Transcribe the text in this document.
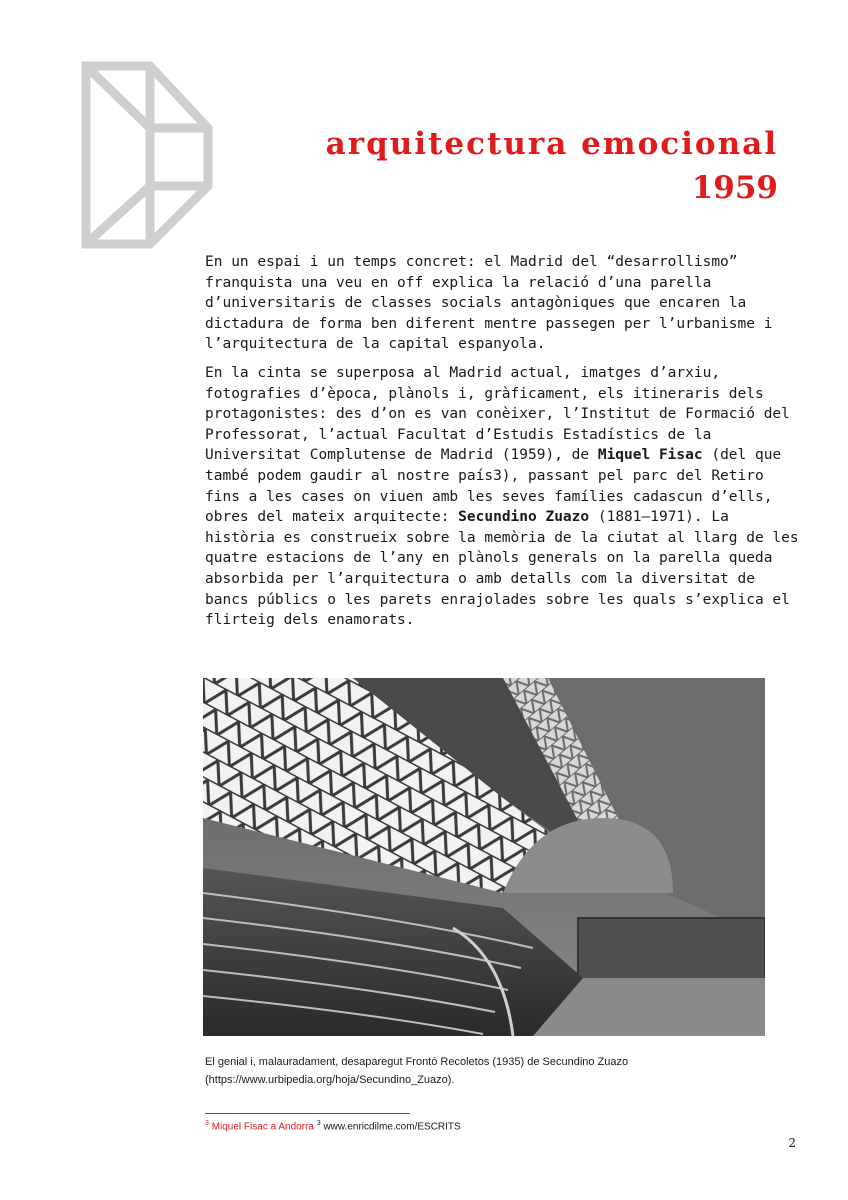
arquitectura emocional
1959

En un espai i un temps concret: el Madrid del “desarrollismo” franquista una veu en off explica la relació d’una parella d’universitaris de classes socials antagòniques que encaren la dictadura de forma ben diferent mentre passegen per l’urbanisme i l’arquitectura de la capital espanyola.

En la cinta se superposa al Madrid actual, imatges d’arxiu, fotografies d’època, plànols i, gràficament, els itineraris dels protagonistes: des d’on es van conèixer, l’Institut de Formació del Professorat, l’actual Facultat d’Estudis Estadístics de la Universitat Complutense de Madrid (1959), de Miquel Fisac (del que també podem gaudir al nostre país3), passant pel parc del Retiro fins a les cases on viuen amb les seves famílies cadascun d’ells, obres del mateix arquitecte: Secundino Zuazo (1881–1971). La història es construeix sobre la memòria de la ciutat al llarg de les quatre estacions de l’any en plànols generals on la parella queda absorbida per l’arquitectura o amb detalls com la diversitat de bancs públics o les parets enrajolades sobre les quals s’explica el flirteig dels enamorats.

El genial i, malauradament, desaparegut Frontó Recoletos (1935) de Secundino Zuazo
(https://www.urbipedia.org/hoja/Secundino_Zuazo).
$^3$ Miquel Fisac a Andorra $^3$ www.enricdilme.com/ESCRITS
2
